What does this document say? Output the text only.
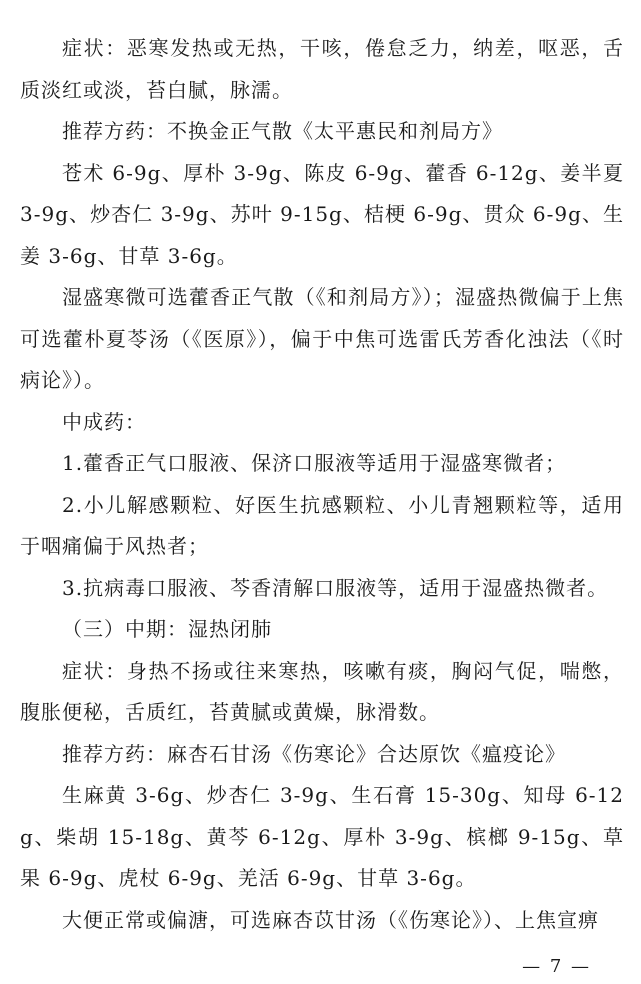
症状：恶寒发热或无热，干咳，倦怠乏力，纳差，呕恶，舌质淡红或淡，苔白腻，脉濡。

推荐方药：不换金正气散《太平惠民和剂局方》

苍术 6-9g、厚朴 3-9g、陈皮 6-9g、藿香 6-12g、姜半夏 3-9g、炒杏仁 3-9g、苏叶 9-15g、桔梗 6-9g、贯众 6-9g、生姜 3-6g、甘草 3-6g。

湿盛寒微可选藿香正气散（《和剂局方》）；湿盛热微偏于上焦可选藿朴夏苓汤（《医原》），偏于中焦可选雷氏芳香化浊法（《时病论》）。

中成药：

1.藿香正气口服液、保济口服液等适用于湿盛寒微者；

2.小儿解感颗粒、好医生抗感颗粒、小儿青翘颗粒等，适用于咽痛偏于风热者；

3.抗病毒口服液、芩香清解口服液等，适用于湿盛热微者。

（三）中期：湿热闭肺

症状：身热不扬或往来寒热，咳嗽有痰，胸闷气促，喘憋，腹胀便秘，舌质红，苔黄腻或黄燥，脉滑数。

推荐方药：麻杏石甘汤《伤寒论》合达原饮《瘟疫论》

生麻黄 3-6g、炒杏仁 3-9g、生石膏 15-30g、知母 6-12g、柴胡 15-18g、黄芩 6-12g、厚朴 3-9g、槟榔 9-15g、草果 6-9g、虎杖 6-9g、羌活 6-9g、甘草 3-6g。

大便正常或偏溏，可选麻杏苡甘汤（《伤寒论》）、上焦宣痹

— 7 —
